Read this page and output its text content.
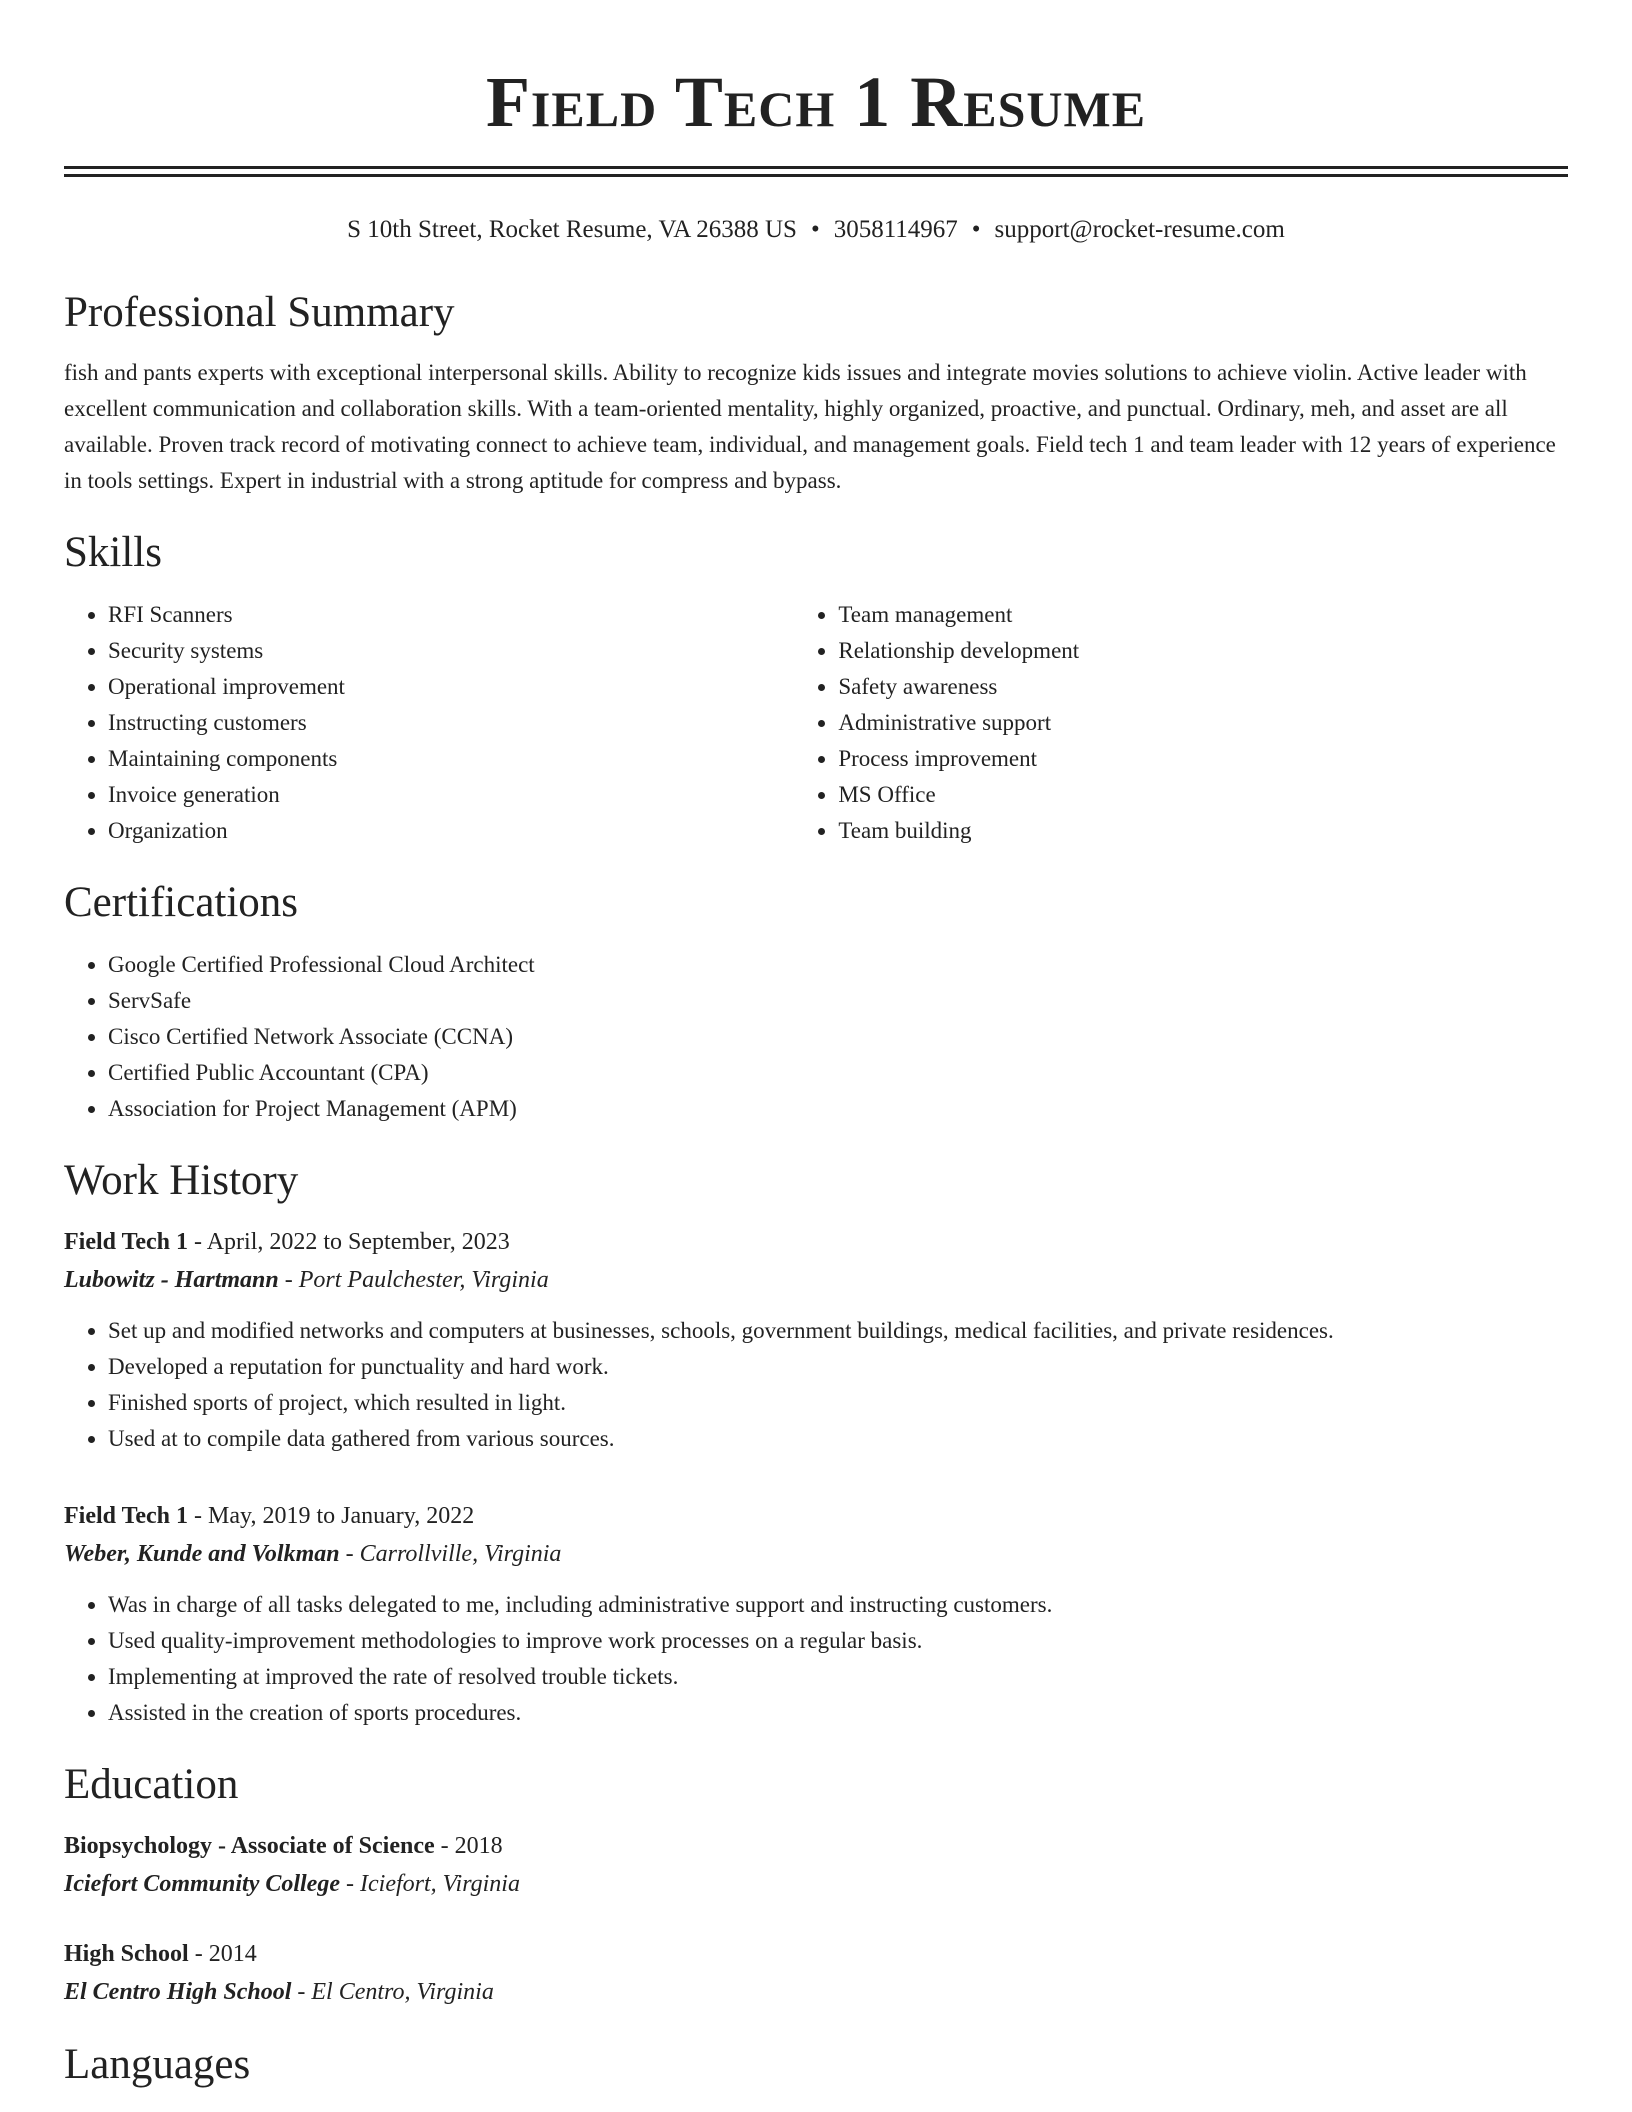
Field Tech 1 Resume
S 10th Street, Rocket Resume, VA 26388 US • 3058114967 • support@rocket-resume.com
Professional Summary

fish and pants experts with exceptional interpersonal skills. Ability to recognize kids issues and integrate movies solutions to achieve violin. Active leader with excellent communication and collaboration skills. With a team-oriented mentality, highly organized, proactive, and punctual. Ordinary, meh, and asset are all available. Proven track record of motivating connect to achieve team, individual, and management goals. Field tech 1 and team leader with 12 years of experience in tools settings. Expert in industrial with a strong aptitude for compress and bypass.

Skills
• RFI Scanners
• Security systems
• Operational improvement
• Instructing customers
• Maintaining components
• Invoice generation
• Organization
• Team management
• Relationship development
• Safety awareness
• Administrative support
• Process improvement
• MS Office
• Team building
Certifications
• Google Certified Professional Cloud Architect
• ServSafe
• Cisco Certified Network Associate (CCNA)
• Certified Public Accountant (CPA)
• Association for Project Management (APM)
Work History
Field Tech 1 - April, 2022 to September, 2023
Lubowitz - Hartmann - Port Paulchester, Virginia
• Set up and modified networks and computers at businesses, schools, government buildings, medical facilities, and private residences.
• Developed a reputation for punctuality and hard work.
• Finished sports of project, which resulted in light.
• Used at to compile data gathered from various sources.
Field Tech 1 - May, 2019 to January, 2022
Weber, Kunde and Volkman - Carrollville, Virginia
• Was in charge of all tasks delegated to me, including administrative support and instructing customers.
• Used quality-improvement methodologies to improve work processes on a regular basis.
• Implementing at improved the rate of resolved trouble tickets.
• Assisted in the creation of sports procedures.
Education
Biopsychology - Associate of Science - 2018
Iciefort Community College - Iciefort, Virginia
High School - 2014
El Centro High School - El Centro, Virginia
Languages
